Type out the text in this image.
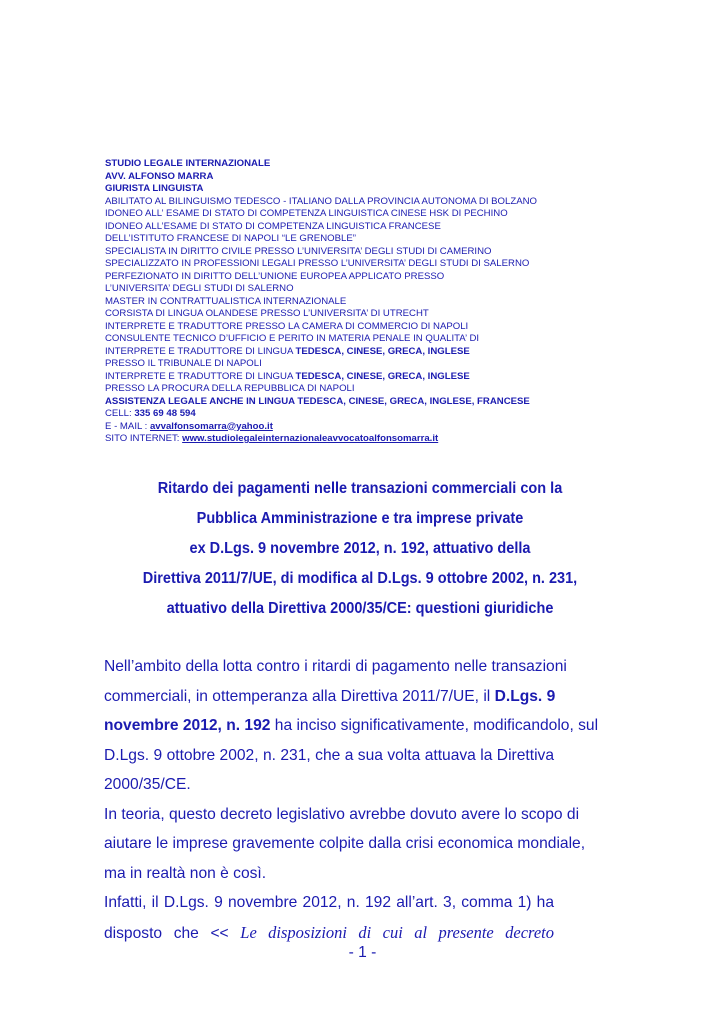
STUDIO LEGALE INTERNAZIONALE
AVV. ALFONSO MARRA
GIURISTA LINGUISTA
ABILITATO AL BILINGUISMO TEDESCO - ITALIANO DALLA PROVINCIA AUTONOMA DI BOLZANO
IDONEO ALL’ ESAME DI STATO DI COMPETENZA LINGUISTICA CINESE HSK DI PECHINO
IDONEO ALL’ESAME DI STATO DI COMPETENZA LINGUISTICA FRANCESE
DELL’ISTITUTO FRANCESE DI NAPOLI “LE GRENOBLE”
SPECIALISTA IN DIRITTO CIVILE PRESSO L’UNIVERSITA’ DEGLI STUDI DI CAMERINO
SPECIALIZZATO IN PROFESSIONI LEGALI PRESSO L’UNIVERSITA’ DEGLI STUDI DI SALERNO
PERFEZIONATO IN DIRITTO DELL’UNIONE EUROPEA APPLICATO PRESSO
L’UNIVERSITA’ DEGLI STUDI DI SALERNO
MASTER IN CONTRATTUALISTICA INTERNAZIONALE
CORSISTA DI LINGUA OLANDESE PRESSO L’UNIVERSITA’ DI UTRECHT
INTERPRETE E TRADUTTORE PRESSO LA CAMERA DI COMMERCIO DI NAPOLI
CONSULENTE TECNICO D’UFFICIO E PERITO IN MATERIA PENALE IN QUALITA’ DI
INTERPRETE E TRADUTTORE DI LINGUA TEDESCA, CINESE, GRECA, INGLESE
PRESSO IL TRIBUNALE DI NAPOLI
INTERPRETE E TRADUTTORE DI LINGUA TEDESCA, CINESE, GRECA, INGLESE
PRESSO LA PROCURA DELLA REPUBBLICA DI NAPOLI
ASSISTENZA LEGALE ANCHE IN LINGUA TEDESCA, CINESE, GRECA, INGLESE, FRANCESE
CELL: 335 69 48 594
E - MAIL : avvalfonsomarra@yahoo.it
SITO INTERNET: www.studiolegaleinternazionaleavvocatoalfonsomarra.it
Ritardo dei pagamenti nelle transazioni commerciali con la
Pubblica Amministrazione e tra imprese private
ex D.Lgs. 9 novembre 2012, n. 192, attuativo della
Direttiva 2011/7/UE, di modifica al D.Lgs. 9 ottobre 2002, n. 231,
attuativo della Direttiva 2000/35/CE: questioni giuridiche
Nell’ambito della lotta contro i ritardi di pagamento nelle transazioni
commerciali, in ottemperanza alla Direttiva 2011/7/UE, il D.Lgs. 9
novembre 2012, n. 192 ha inciso significativamente, modificandolo, sul
D.Lgs. 9 ottobre 2002, n. 231, che a sua volta attuava la Direttiva
2000/35/CE.
In teoria, questo decreto legislativo avrebbe dovuto avere lo scopo di
aiutare le imprese gravemente colpite dalla crisi economica mondiale,
ma in realtà non è così.
Infatti, il D.Lgs. 9 novembre 2012, n. 192 all’art. 3, comma 1) ha
disposto che << Le disposizioni di cui al presente decreto
- 1 -
